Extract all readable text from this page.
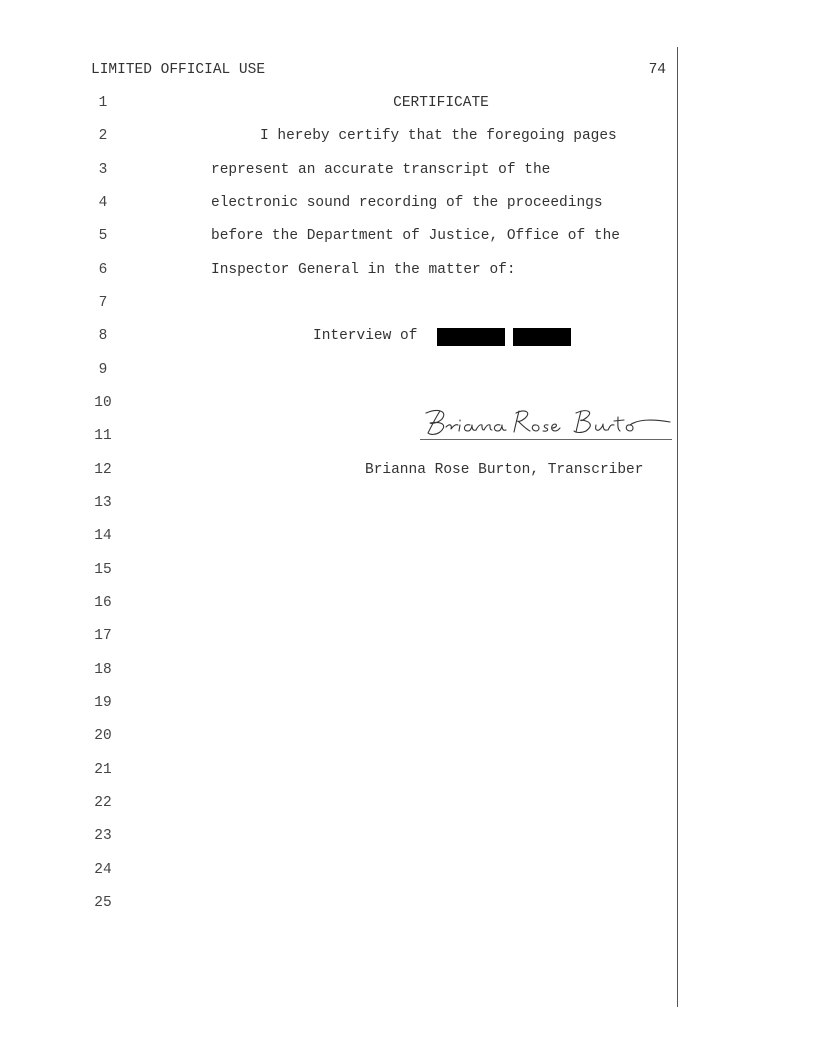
LIMITED OFFICIAL USE	74
1
2
3
4
5
6
7
8
9
10
11
12
13
14
15
16
17
18
19
20
21
22
23
24
25
CERTIFICATE
I hereby certify that the foregoing pages
represent an accurate transcript of the
electronic sound recording of the proceedings
before the Department of Justice, Office of the
Inspector General in the matter of:
Interview of
Brianna Rose Burton, Transcriber
